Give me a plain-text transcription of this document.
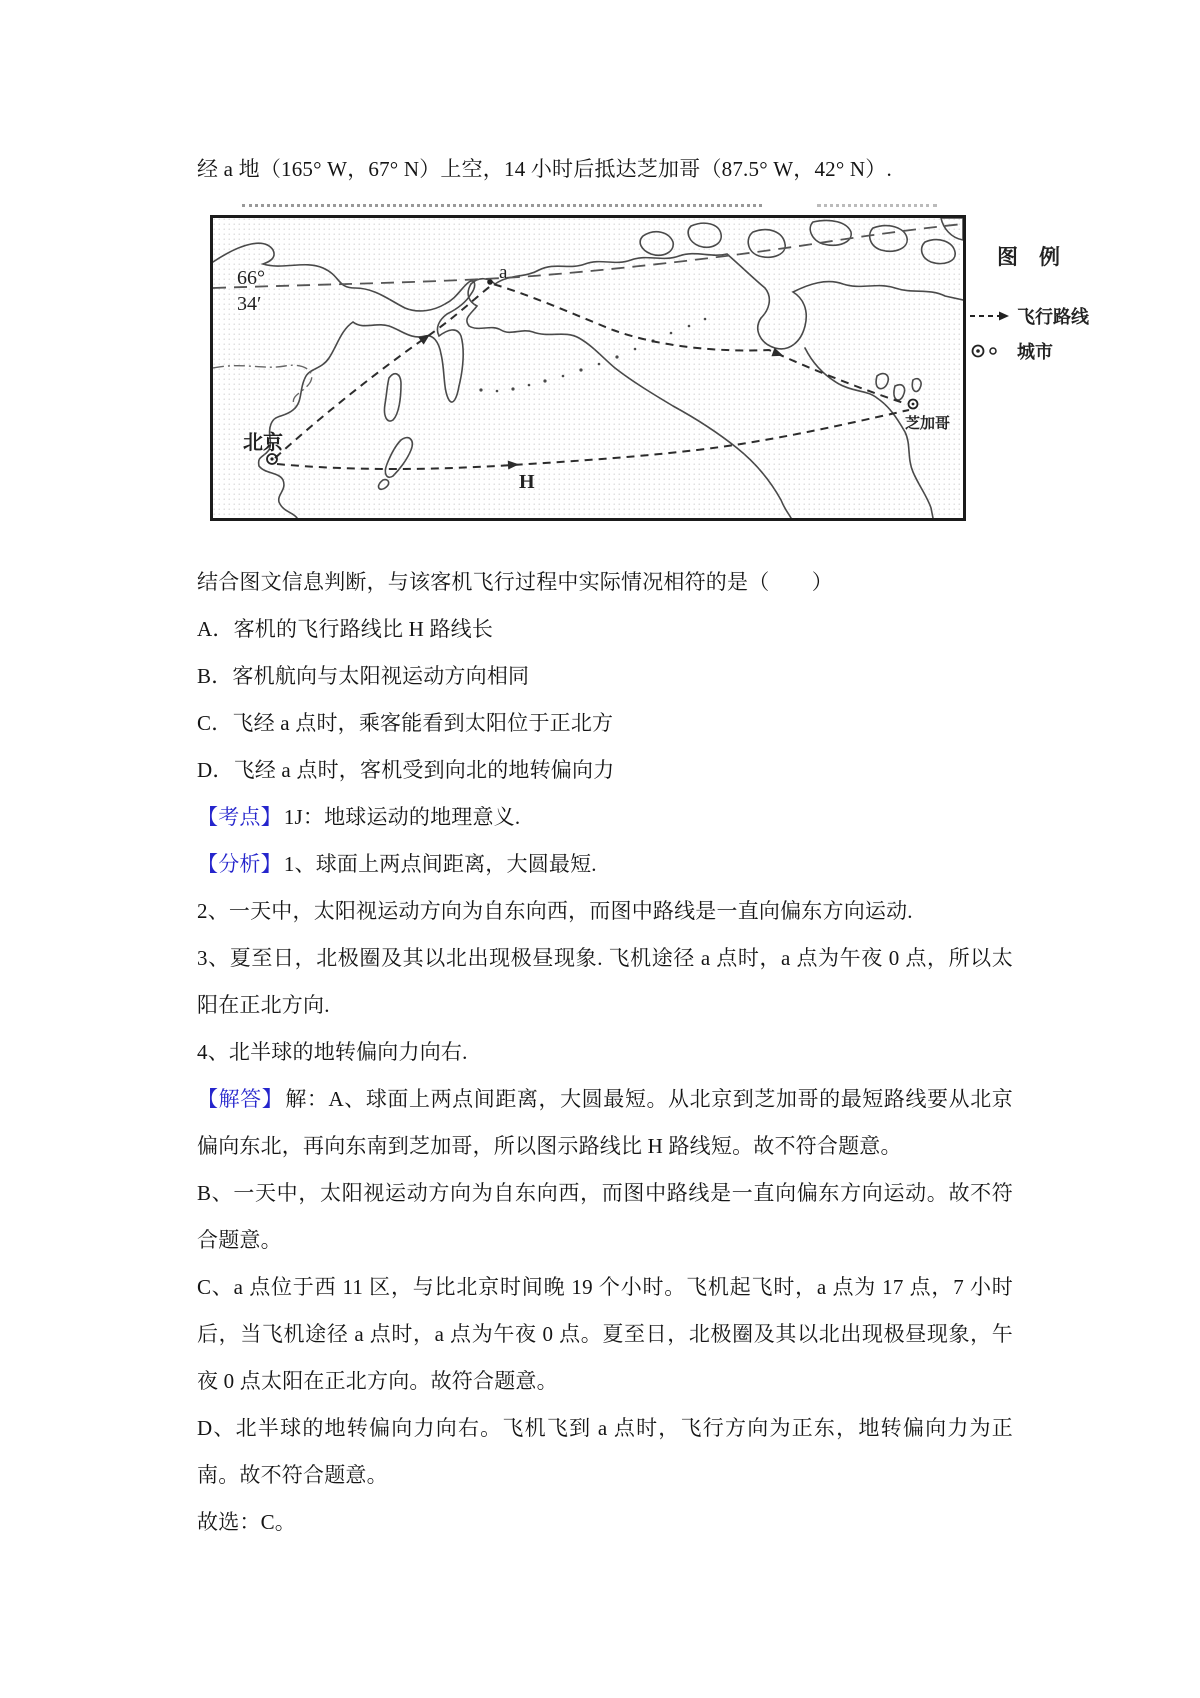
经 a 地（165° W，67° N）上空，14 小时后抵达芝加哥（87.5° W，42° N）.
66°
34′
a
北京
H
芝加哥
图　例
飞行路线
城市
结合图文信息判断，与该客机飞行过程中实际情况相符的是（　　）
A．客机的飞行路线比 H 路线长
B．客机航向与太阳视运动方向相同
C．飞经 a 点时，乘客能看到太阳位于正北方
D．飞经 a 点时，客机受到向北的地转偏向力
【考点】1J：地球运动的地理意义.
【分析】1、球面上两点间距离，大圆最短.
2、一天中，太阳视运动方向为自东向西，而图中路线是一直向偏东方向运动.
3、夏至日，北极圈及其以北出现极昼现象. 飞机途径 a 点时，a 点为午夜 0 点，所以太阳在正北方向.
4、北半球的地转偏向力向右.
【解答】解：A、球面上两点间距离，大圆最短。从北京到芝加哥的最短路线要从北京偏向东北，再向东南到芝加哥，所以图示路线比 H 路线短。故不符合题意。
B、一天中，太阳视运动方向为自东向西，而图中路线是一直向偏东方向运动。故不符合题意。
C、a 点位于西 11 区，与比北京时间晚 19 个小时。飞机起飞时，a 点为 17 点，7 小时后，当飞机途径 a 点时，a 点为午夜 0 点。夏至日，北极圈及其以北出现极昼现象，午夜 0 点太阳在正北方向。故符合题意。
D、北半球的地转偏向力向右。飞机飞到 a 点时，飞行方向为正东，地转偏向力为正南。故不符合题意。
故选：C。
